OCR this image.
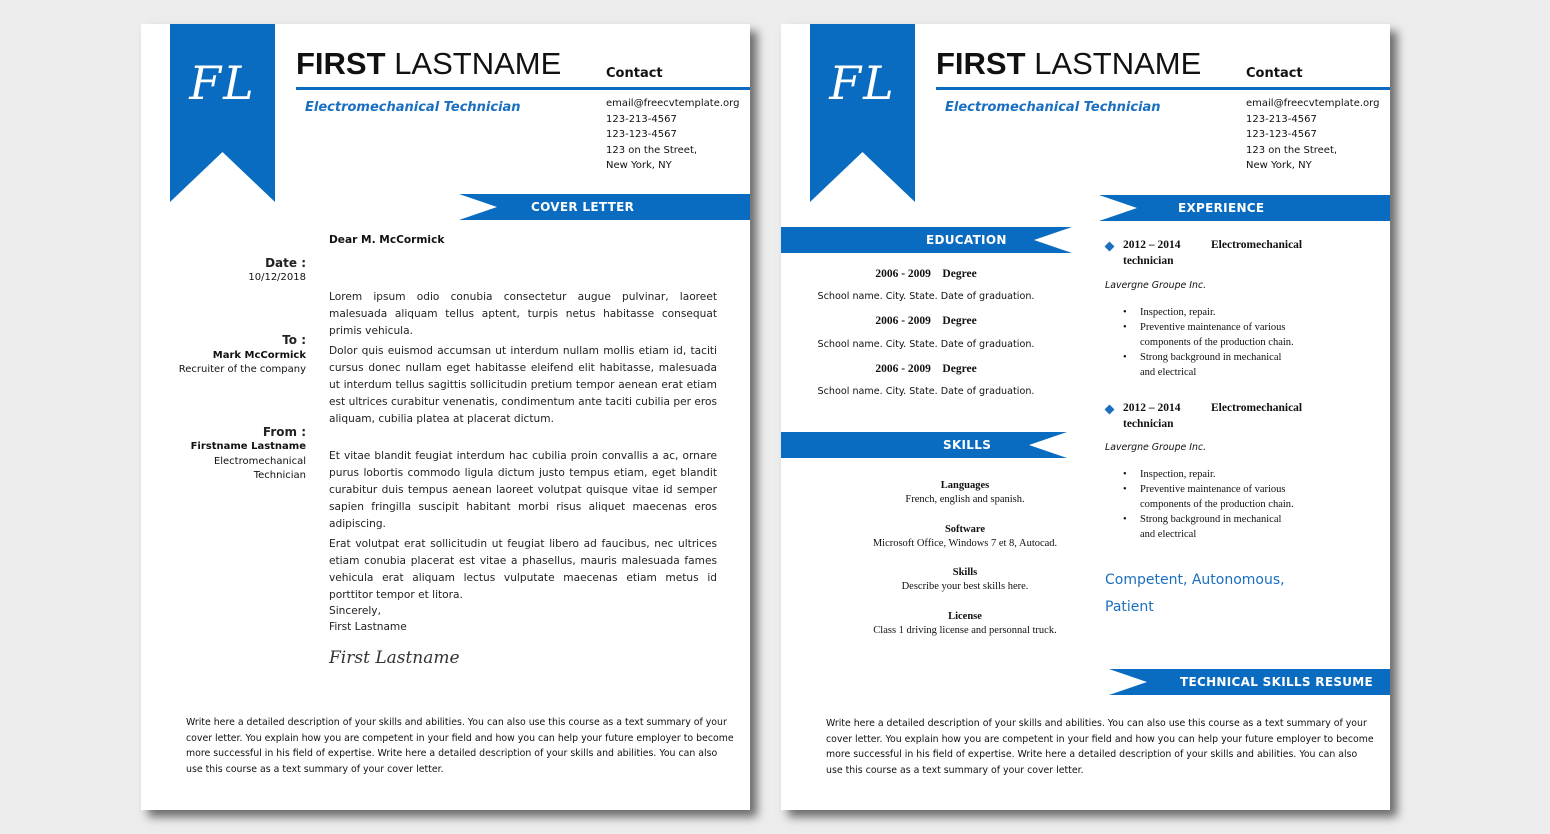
FL	FIRST LASTNAME
Electromechanical Technician
Contact
email@freecvtemplate.org
123-213-4567
123-123-4567
123 on the Street,
New York, NY
COVER LETTER
Dear M. McCormick
Date :
10/12/2018
To :
Mark McCormick
Recruiter of the company
From :
Firstname Lastname
Electromechanical
Technician
Lorem ipsum odio conubia consectetur augue pulvinar, laoreet malesuada aliquam tellus aptent, turpis netus habitasse consequat primis vehicula.
Dolor quis euismod accumsan ut interdum nullam mollis etiam id, taciti cursus donec nullam eget habitasse eleifend elit habitasse, malesuada ut interdum tellus sagittis sollicitudin pretium tempor aenean erat etiam est ultrices curabitur venenatis, condimentum ante taciti cubilia per eros aliquam, cubilia platea at placerat dictum.
Et vitae blandit feugiat interdum hac cubilia proin convallis a ac, ornare purus lobortis commodo ligula dictum justo tempus etiam, eget blandit curabitur duis tempus aenean laoreet volutpat quisque vitae id semper sapien fringilla suscipit habitant morbi risus aliquet maecenas eros adipiscing.
Erat volutpat erat sollicitudin ut feugiat libero ad faucibus, nec ultrices etiam conubia placerat est vitae a phasellus, mauris malesuada fames vehicula erat aliquam lectus vulputate maecenas etiam metus id porttitor tempor et litora.
Sincerely,
First Lastname
First Lastname
Write here a detailed description of your skills and abilities. You can also use this course as a text summary of your cover letter. You explain how you are competent in your field and how you can help your future employer to become more successful in his field of expertise. Write here a detailed description of your skills and abilities. You can also use this course as a text summary of your cover letter.
FL	FIRST LASTNAME
Electromechanical Technician
Contact
email@freecvtemplate.org
123-213-4567
123-123-4567
123 on the Street,
New York, NY
EXPERIENCE
EDUCATION
2006 - 2009 Degree
School name. City. State. Date of graduation.
2006 - 2009 Degree
School name. City. State. Date of graduation.
2006 - 2009 Degree
School name. City. State. Date of graduation.
SKILLS
Languages
French, english and spanish.
Software
Microsoft Office, Windows 7 et 8, Autocad.
Skills
Describe your best skills here.
License
Class 1 driving license and personnal truck.
2012 – 2014	Electromechanical
technician
Lavergne Groupe Inc.
• Inspection, repair.
• Preventive maintenance of various
components of the production chain.
• Strong background in mechanical
and electrical
2012 – 2014	Electromechanical
technician
Lavergne Groupe Inc.
• Inspection, repair.
• Preventive maintenance of various
components of the production chain.
• Strong background in mechanical
and electrical
Competent, Autonomous,
Patient
TECHNICAL SKILLS RESUME
Write here a detailed description of your skills and abilities. You can also use this course as a text summary of your cover letter. You explain how you are competent in your field and how you can help your future employer to become more successful in his field of expertise. Write here a detailed description of your skills and abilities. You can also use this course as a text summary of your cover letter.
